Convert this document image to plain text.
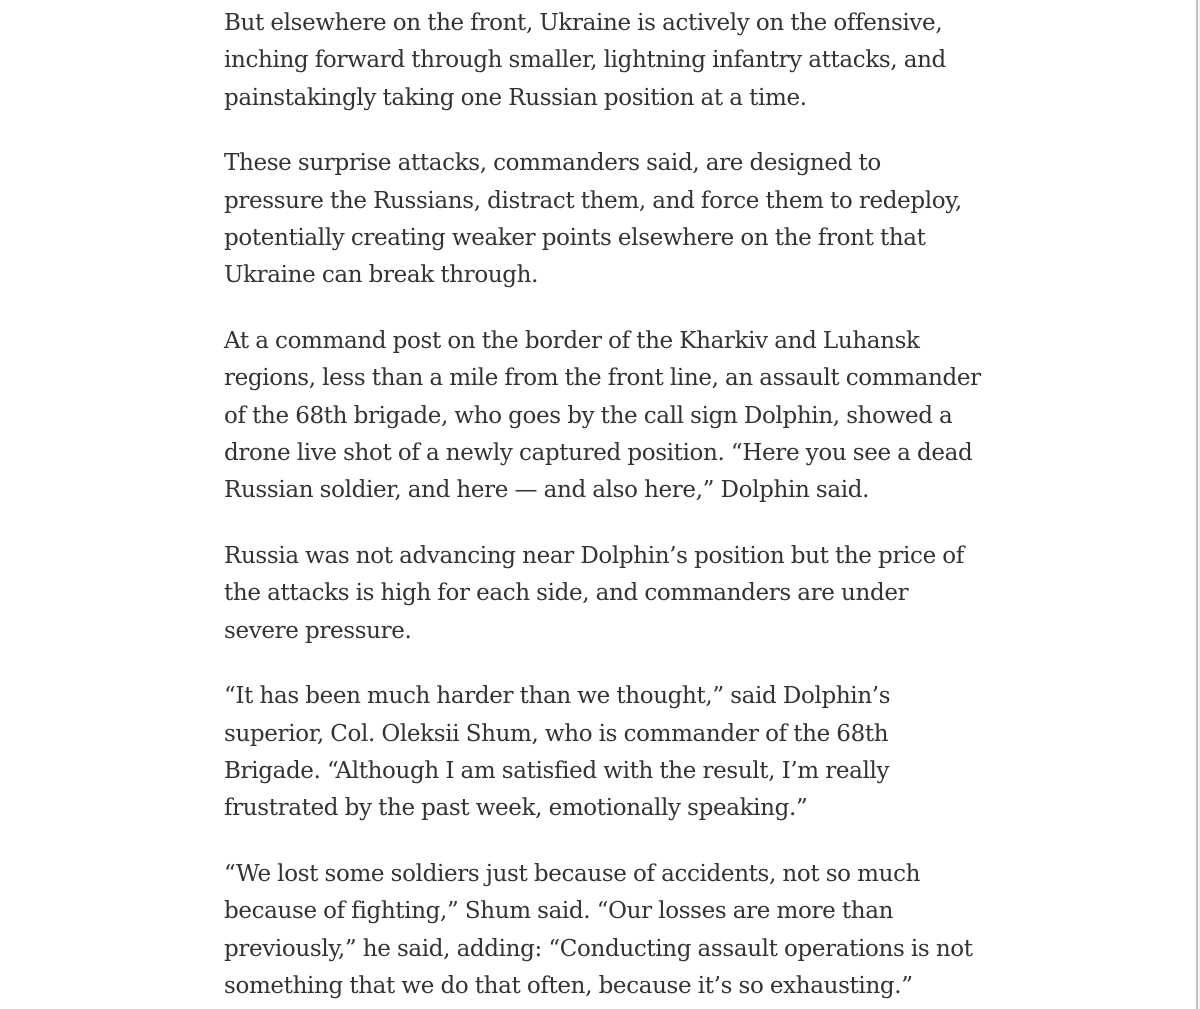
But elsewhere on the front, Ukraine is actively on the offensive, inching forward through smaller, lightning infantry attacks, and painstakingly taking one Russian position at a time.

These surprise attacks, commanders said, are designed to pressure the Russians, distract them, and force them to redeploy, potentially creating weaker points elsewhere on the front that Ukraine can break through.

At a command post on the border of the Kharkiv and Luhansk regions, less than a mile from the front line, an assault commander of the 68th brigade, who goes by the call sign Dolphin, showed a drone live shot of a newly captured position. “Here you see a dead Russian soldier, and here — and also here,” Dolphin said.

Russia was not advancing near Dolphin’s position but the price of the attacks is high for each side, and commanders are under severe pressure.

“It has been much harder than we thought,” said Dolphin’s superior, Col. Oleksii Shum, who is commander of the 68th Brigade. “Although I am satisfied with the result, I’m really frustrated by the past week, emotionally speaking.”

“We lost some soldiers just because of accidents, not so much because of fighting,” Shum said. “Our losses are more than previously,” he said, adding: “Conducting assault operations is not something that we do that often, because it’s so exhausting.”
